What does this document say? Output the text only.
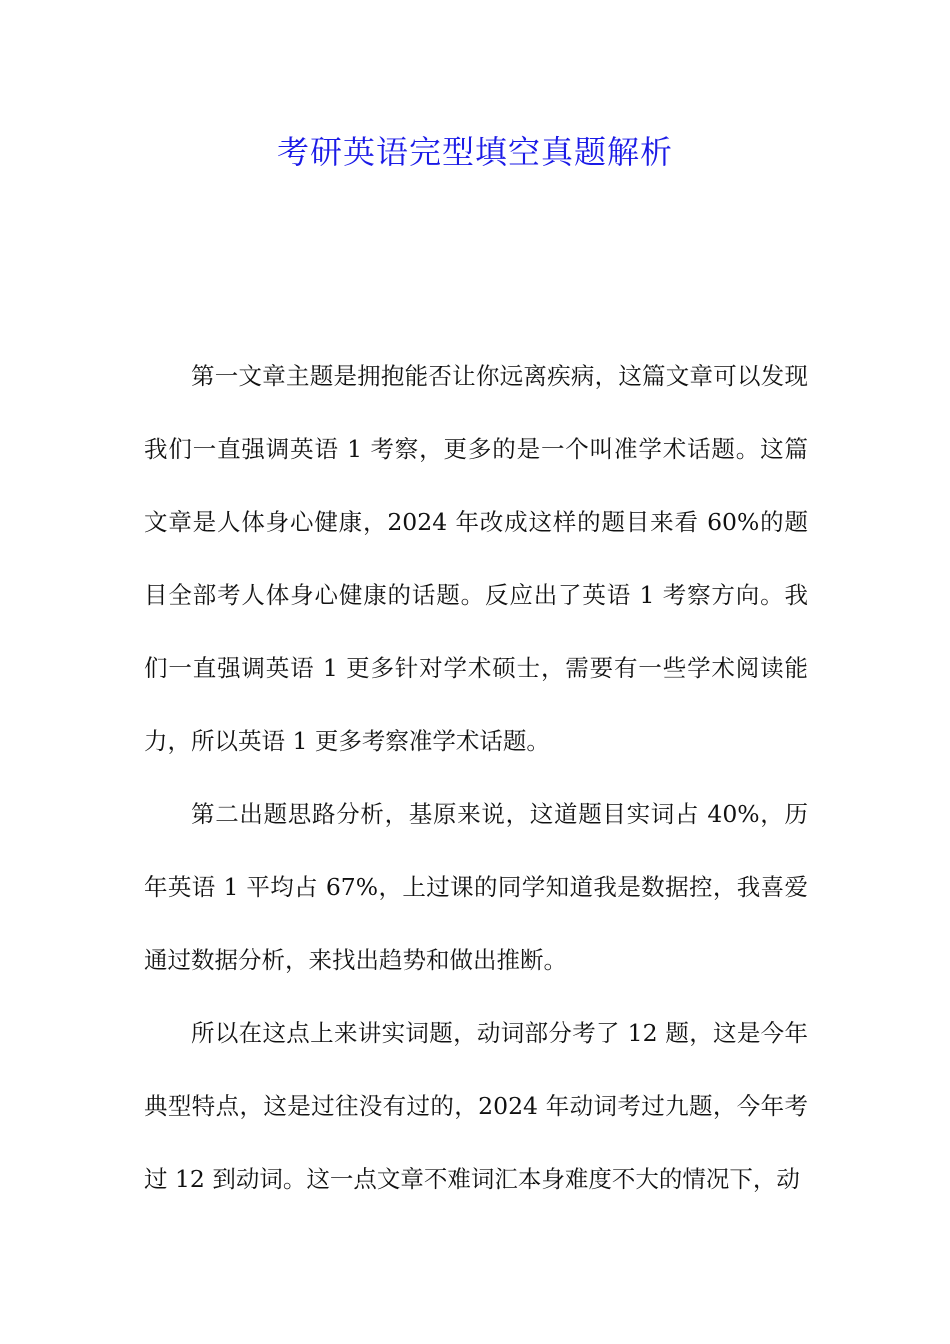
考研英语完型填空真题解析

第一文章主题是拥抱能否让你远离疾病，这篇文章可以发现我们一直强调英语 1 考察，更多的是一个叫准学术话题。这篇文章是人体身心健康，2024 年改成这样的题目来看 60%的题目全部考人体身心健康的话题。反应出了英语 1 考察方向。我们一直强调英语 1 更多针对学术硕士，需要有一些学术阅读能力，所以英语 1 更多考察准学术话题。

第二出题思路分析，基原来说，这道题目实词占 40%，历年英语 1 平均占 67%，上过课的同学知道我是数据控，我喜爱通过数据分析，来找出趋势和做出推断。

所以在这点上来讲实词题，动词部分考了 12 题，这是今年典型特点，这是过往没有过的，2024 年动词考过九题，今年考过 12 到动词。这一点文章不难词汇本身难度不大的情况下，动
